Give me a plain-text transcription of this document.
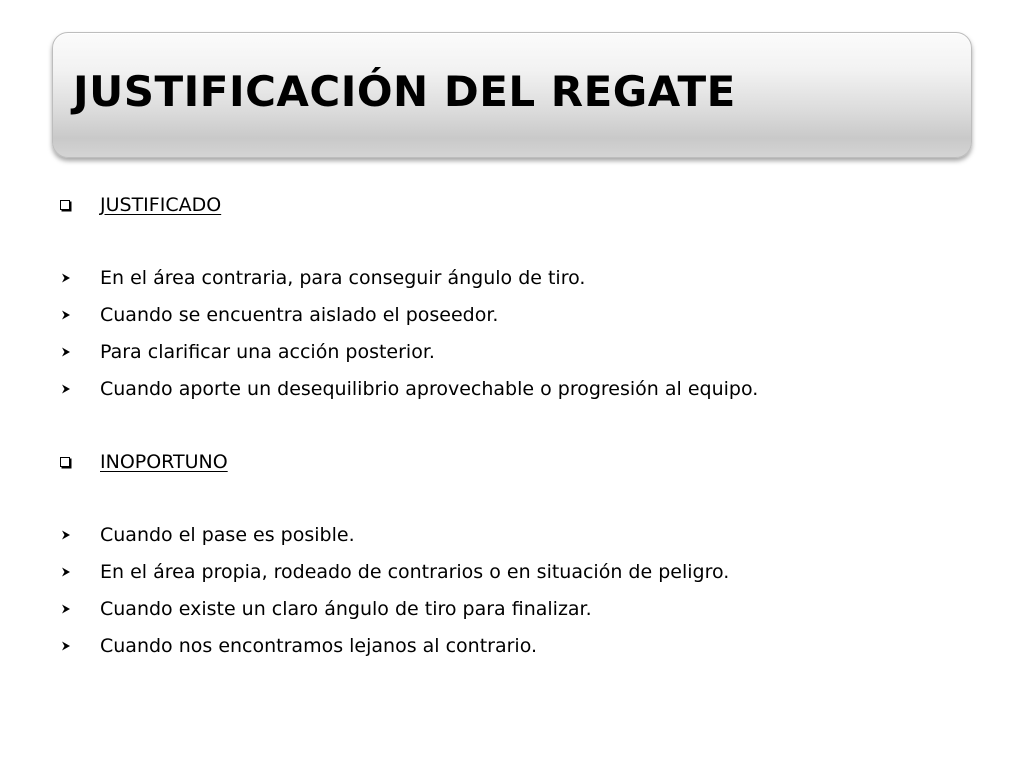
JUSTIFICACIÓN DEL REGATE
JUSTIFICADO
En el área contraria, para conseguir ángulo de tiro.
Cuando se encuentra aislado el poseedor.
Para clarificar una acción posterior.
Cuando aporte un desequilibrio aprovechable o progresión al equipo.
INOPORTUNO
Cuando el pase es posible.
En el área propia, rodeado de contrarios o en situación de peligro.
Cuando existe un claro ángulo de tiro para finalizar.
Cuando nos encontramos lejanos al contrario.
